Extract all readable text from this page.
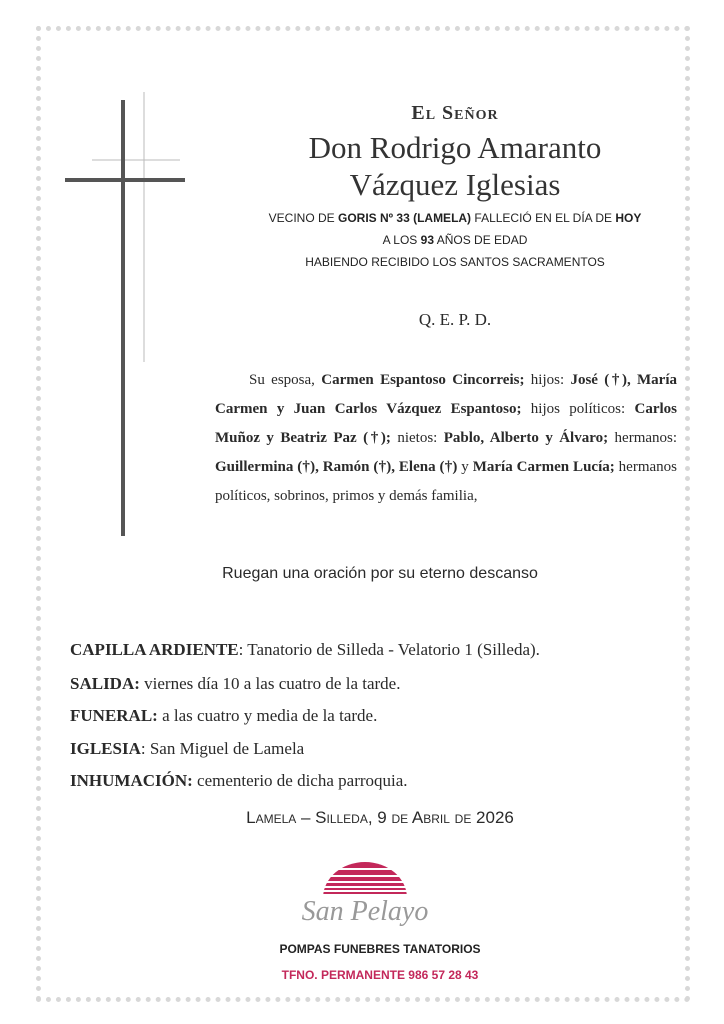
El Señor
Don Rodrigo Amaranto
Vázquez Iglesias
VECINO DE GORIS Nº 33 (LAMELA) FALLECIÓ EN EL DÍA DE HOY
A LOS 93 AÑOS DE EDAD
HABIENDO RECIBIDO LOS SANTOS SACRAMENTOS
Q. E. P. D.
Su esposa, Carmen Espantoso Cincorreis; hijos: José (†), María Carmen y Juan Carlos Vázquez Espantoso; hijos políticos: Carlos Muñoz y Beatriz Paz (†); nietos: Pablo, Alberto y Álvaro; hermanos: Guillermina (†), Ramón (†), Elena (†) y María Carmen Lucía; hermanos políticos, sobrinos, primos y demás familia,
Ruegan una oración por su eterno descanso
CAPILLA ARDIENTE: Tanatorio de Silleda - Velatorio 1 (Silleda).
SALIDA: viernes día 10 a las cuatro de la tarde.
FUNERAL: a las cuatro y media de la tarde.
IGLESIA: San Miguel de Lamela
INHUMACIÓN: cementerio de dicha parroquia.
Lamela – Silleda, 9 de Abril de 2026
San Pelayo
POMPAS FUNEBRES TANATORIOS
TFNO. PERMANENTE 986 57 28 43
